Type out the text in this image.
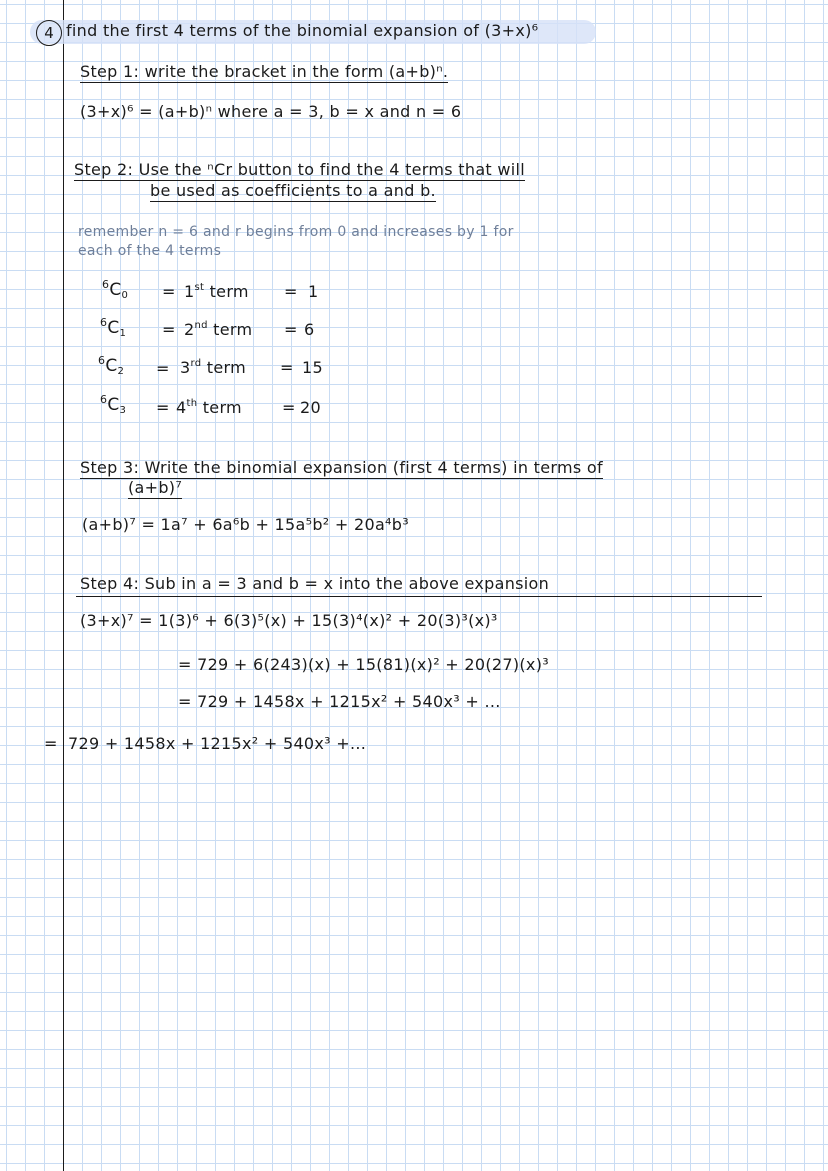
4 find the first 4 terms of the binomial expansion of (3+x)⁶
Step 1: write the bracket in the form (a+b)ⁿ.
(3+x)⁶ = (a+b)ⁿ where a = 3, b = x and n = 6
Step 2: Use the ⁿCr button to find the 4 terms that will
be used as coefficients to a and b.
remember n = 6 and r begins from 0 and increases by 1 for
each of the 4 terms
$^6C_0 = 1st$ term = 1
$^6C_1 = 2nd$ term = 6
$^6C_2 = 3rd$ term = 15
$^6C_3 = 4th$ term	= 20
Step 3: Write the binomial expansion (first 4 terms) in terms of
(a+b)⁷
(a+b)⁷ = 1a⁷ + 6a⁶b + 15a⁵b² + 20a⁴b³
Step 4: Sub in a = 3 and b = x into the above expansion
(3+x)⁷ = 1(3)⁶ + 6(3)⁵(x) + 15(3)⁴(x)² + 20(3)³(x)³
= 729 + 6(243)(x) + 15(81)(x)² + 20(27)(x)³
= 729 + 1458x + 1215x² + 540x³ + ...
= 729 + 1458x + 1215x² + 540x³ +...
